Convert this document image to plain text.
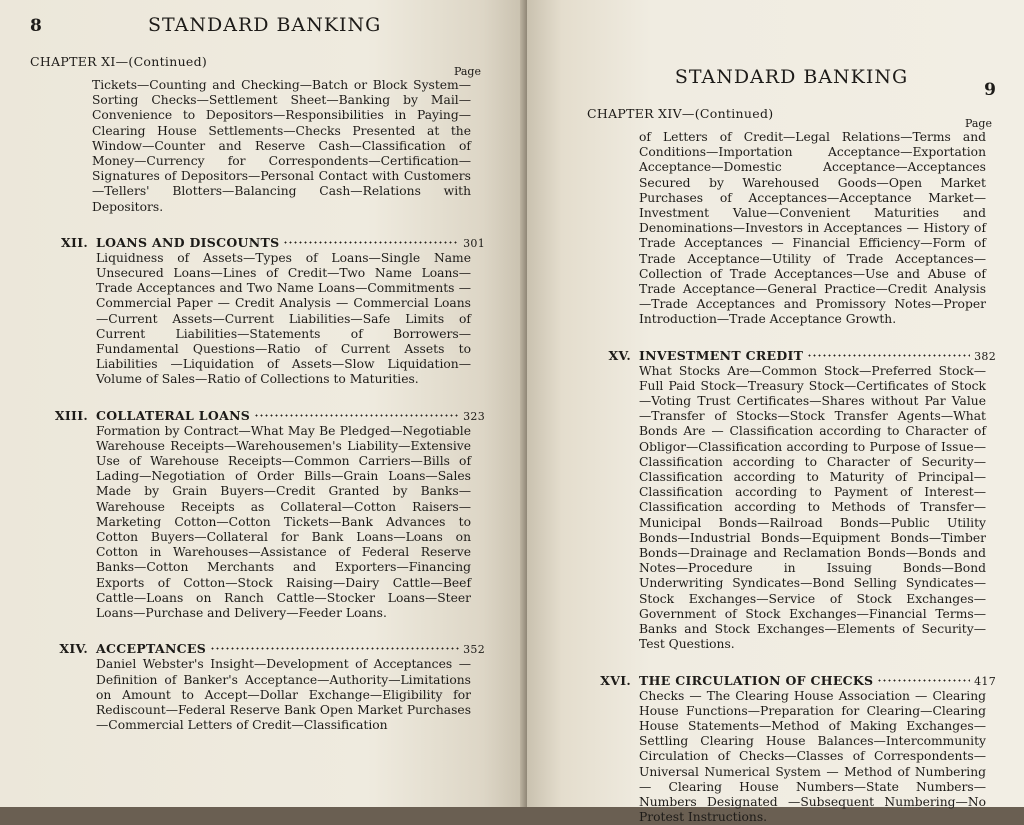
8	STANDARD BANKING
CHAPTER XI—(Continued)
Page
Tickets—Counting and Checking—Batch or Block System—Sorting Checks—Settlement Sheet—Banking by Mail—Convenience to Depositors—Responsibilities in Paying—Clearing House Settlements—Checks Presented at the Window—Counter and Reserve Cash—Classification of Money—Currency for Correspondents—Certification—Signatures of Depositors—Personal Contact with Customers—Tellers' Blotters—Balancing Cash—Relations with Depositors.
XII. LOANS AND DISCOUNTS	301
Liquidness of Assets—Types of Loans—Single Name Unsecured Loans—Lines of Credit—Two Name Loans—Trade Acceptances and Two Name Loans—Commitments —Commercial Paper — Credit Analysis — Commercial Loans—Current Assets—Current Liabilities—Safe Limits of Current Liabilities—Statements of Borrowers—Fundamental Questions—Ratio of Current Assets to Liabilities —Liquidation of Assets—Slow Liquidation—Volume of Sales—Ratio of Collections to Maturities.
XIII. COLLATERAL LOANS	323
Formation by Contract—What May Be Pledged—Negotiable Warehouse Receipts—Warehousemen's Liability—Extensive Use of Warehouse Receipts—Common Carriers—Bills of Lading—Negotiation of Order Bills—Grain Loans—Sales Made by Grain Buyers—Credit Granted by Banks—Warehouse Receipts as Collateral—Cotton Raisers—Marketing Cotton—Cotton Tickets—Bank Advances to Cotton Buyers—Collateral for Bank Loans—Loans on Cotton in Warehouses—Assistance of Federal Reserve Banks—Cotton Merchants and Exporters—Financing Exports of Cotton—Stock Raising—Dairy Cattle—Beef Cattle—Loans on Ranch Cattle—Stocker Loans—Steer Loans—Purchase and Delivery—Feeder Loans.
XIV. ACCEPTANCES	352
Daniel Webster's Insight—Development of Acceptances —Definition of Banker's Acceptance—Authority—Limitations on Amount to Accept—Dollar Exchange—Eligibility for Rediscount—Federal Reserve Bank Open Market Purchases—Commercial Letters of Credit—Classification
STANDARD BANKING
9
CHAPTER XIV—(Continued)
Page
of Letters of Credit—Legal Relations—Terms and Conditions—Importation Acceptance—Exportation Acceptance—Domestic Acceptance—Acceptances Secured by Warehoused Goods—Open Market Purchases of Acceptances—Acceptance Market—Investment Value—Convenient Maturities and Denominations—Investors in Acceptances — History of Trade Acceptances — Financial Efficiency—Form of Trade Acceptance—Utility of Trade Acceptances—Collection of Trade Acceptances—Use and Abuse of Trade Acceptance—General Practice—Credit Analysis—Trade Acceptances and Promissory Notes—Proper Introduction—Trade Acceptance Growth.
XV. INVESTMENT CREDIT	382
What Stocks Are—Common Stock—Preferred Stock—Full Paid Stock—Treasury Stock—Certificates of Stock —Voting Trust Certificates—Shares without Par Value —Transfer of Stocks—Stock Transfer Agents—What Bonds Are — Classification according to Character of Obligor—Classification according to Purpose of Issue—Classification according to Character of Security—Classification according to Maturity of Principal—Classification according to Payment of Interest—Classification according to Methods of Transfer—Municipal Bonds—Railroad Bonds—Public Utility Bonds—Industrial Bonds—Equipment Bonds—Timber Bonds—Drainage and Reclamation Bonds—Bonds and Notes—Procedure in Issuing Bonds—Bond Underwriting Syndicates—Bond Selling Syndicates—Stock Exchanges—Service of Stock Exchanges—Government of Stock Exchanges—Financial Terms—Banks and Stock Exchanges—Elements of Security—Test Questions.
XVI. THE CIRCULATION OF CHECKS	417
Checks — The Clearing House Association — Clearing House Functions—Preparation for Clearing—Clearing House Statements—Method of Making Exchanges—Settling Clearing House Balances—Intercommunity Circulation of Checks—Classes of Correspondents—Universal Numerical System — Method of Numbering — Clearing House Numbers—State Numbers—Numbers Designated —Subsequent Numbering—No Protest Instructions.
